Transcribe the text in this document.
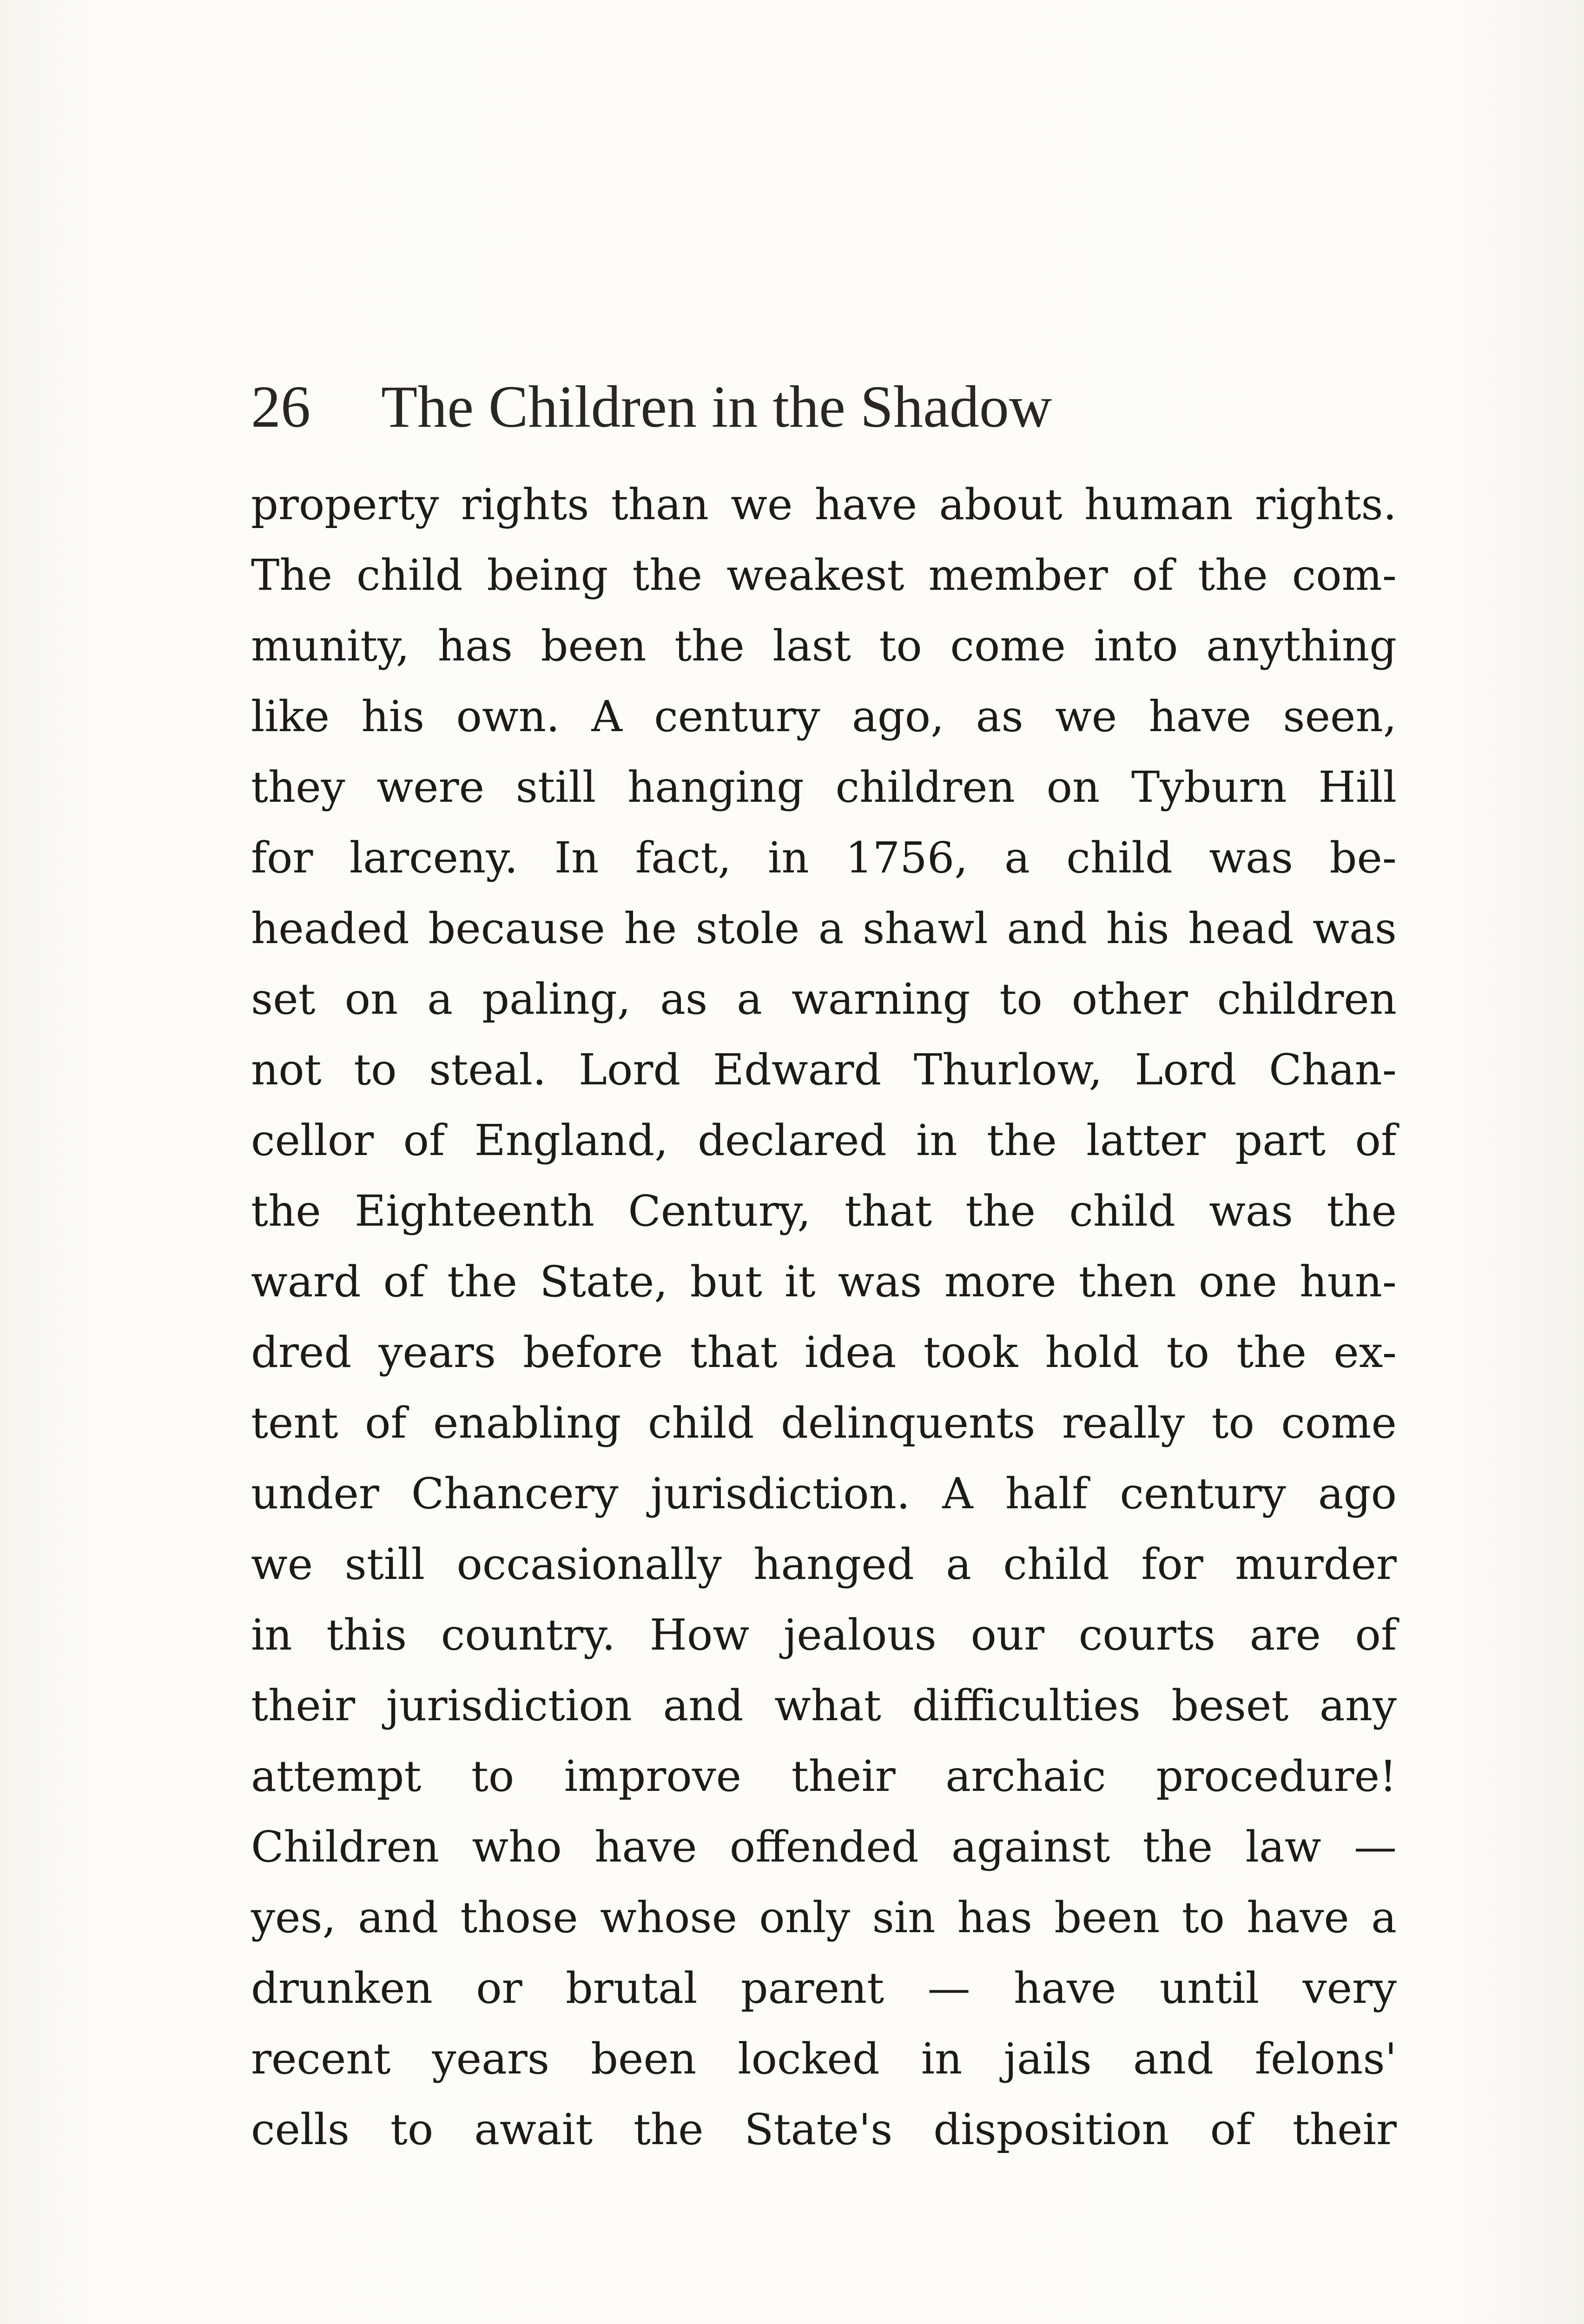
26 The Children in the Shadow
property rights than we have about human rights.
The child being the weakest member of the com-
munity, has been the last to come into anything
like his own. A century ago, as we have seen,
they were still hanging children on Tyburn Hill
for larceny. In fact, in 1756, a child was be-
headed because he stole a shawl and his head was
set on a paling, as a warning to other children
not to steal. Lord Edward Thurlow, Lord Chan-
cellor of England, declared in the latter part of
the Eighteenth Century, that the child was the
ward of the State, but it was more then one hun-
dred years before that idea took hold to the ex-
tent of enabling child delinquents really to come
under Chancery jurisdiction. A half century ago
we still occasionally hanged a child for murder
in this country. How jealous our courts are of
their jurisdiction and what difficulties beset any
attempt to improve their archaic procedure!
Children who have offended against the law —
yes, and those whose only sin has been to have a
drunken or brutal parent — have until very
recent years been locked in jails and felons'
cells to await the State's disposition of their
